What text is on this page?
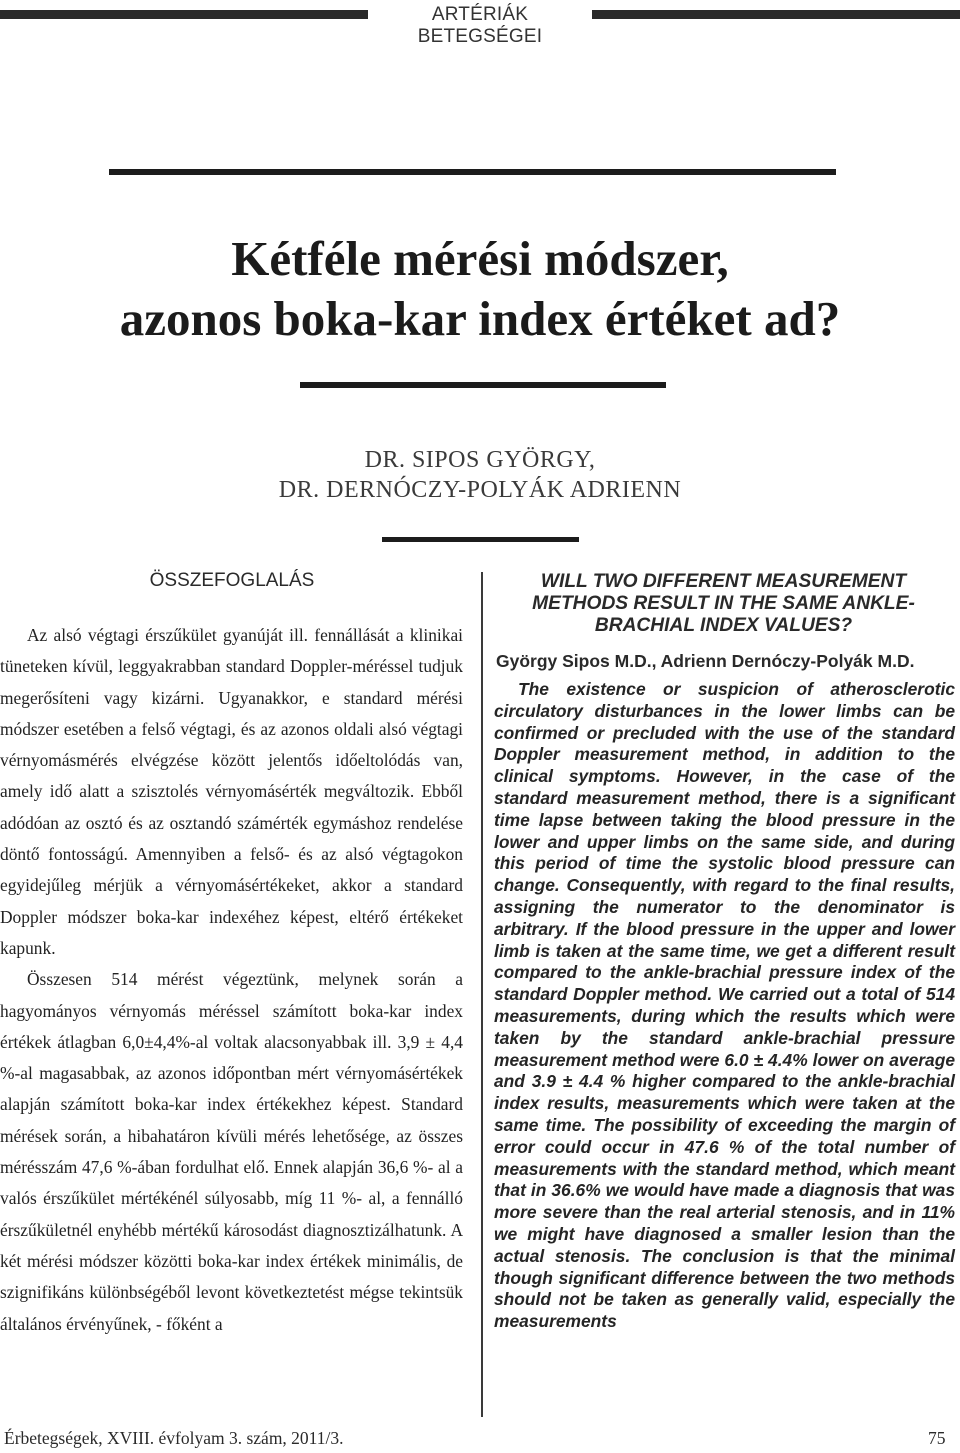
ARTÉRIÁK BETEGSÉGEI
Kétféle mérési módszer,
azonos boka-kar index értéket ad?
DR. SIPOS GYÖRGY,
DR. DERNÓCZY-POLYÁK ADRIENN
ÖSSZEFOGLALÁS

Az alsó végtagi érszűkület gyanúját ill. fennállását a klinikai tüneteken kívül, leggyakrabban standard Doppler-méréssel tudjuk megerősíteni vagy kizárni. Ugyanakkor, e standard mérési módszer esetében a felső végtagi, és az azonos oldali alsó végtagi vérnyomásmérés elvégzése között jelentős időeltolódás van, amely idő alatt a szisztolés vérnyomásérték megváltozik. Ebből adódóan az osztó és az osztandó számérték egymáshoz rendelése döntő fontosságú. Amennyiben a felső- és az alsó végtagokon egyidejűleg mérjük a vérnyomásértékeket, akkor a standard Doppler módszer boka-kar indexéhez képest, eltérő értékeket kapunk.

Összesen 514 mérést végeztünk, melynek során a hagyományos vérnyomás méréssel számított boka-kar index értékek átlagban 6,0±4,4%-al voltak alacsonyabbak ill. 3,9 ± 4,4 %-al magasabbak, az azonos időpontban mért vérnyomásértékek alapján számított boka-kar index értékekhez képest. Standard mérések során, a hibahatáron kívüli mérés lehetősége, az összes mérésszám 47,6 %-ában fordulhat elő. Ennek alapján 36,6 %- al a valós érszűkület mértékénél súlyosabb, míg 11 %- al, a fennálló érszűkületnél enyhébb mértékű károsodást diagnosztizálhatunk. A két mérési módszer közötti boka-kar index értékek minimális, de szignifikáns különbségéből levont következtetést mégse tekintsük általános érvényűnek, - főként a

WILL TWO DIFFERENT MEASUREMENT METHODS RESULT IN THE SAME ANKLE-BRACHIAL INDEX VALUES?
György Sipos M.D., Adrienn Dernóczy-Polyák M.D.

The existence or suspicion of atherosclerotic circulatory disturbances in the lower limbs can be confirmed or precluded with the use of the standard Doppler measurement method, in addition to the clinical symptoms. However, in the case of the standard measurement method, there is a significant time lapse between taking the blood pressure in the lower and upper limbs on the same side, and during this period of time the systolic blood pressure can change. Consequently, with regard to the final results, assigning the numerator to the denominator is arbitrary. If the blood pressure in the upper and lower limb is taken at the same time, we get a different result compared to the ankle-brachial pressure index of the standard Doppler method. We carried out a total of 514 measurements, during which the results which were taken by the standard ankle-brachial pressure measurement method were 6.0 ± 4.4% lower on average and 3.9 ± 4.4 % higher compared to the ankle-brachial index results, measurements which were taken at the same time. The possibility of exceeding the margin of error could occur in 47.6 % of the total number of measurements with the standard method, which meant that in 36.6% we would have made a diagnosis that was more severe than the real arterial stenosis, and in 11% we might have diagnosed a smaller lesion than the actual stenosis. The conclusion is that the minimal though significant difference between the two methods should not be taken as generally valid, especially the measurements

Érbetegségek, XVIII. évfolyam 3. szám, 2011/3.	75
